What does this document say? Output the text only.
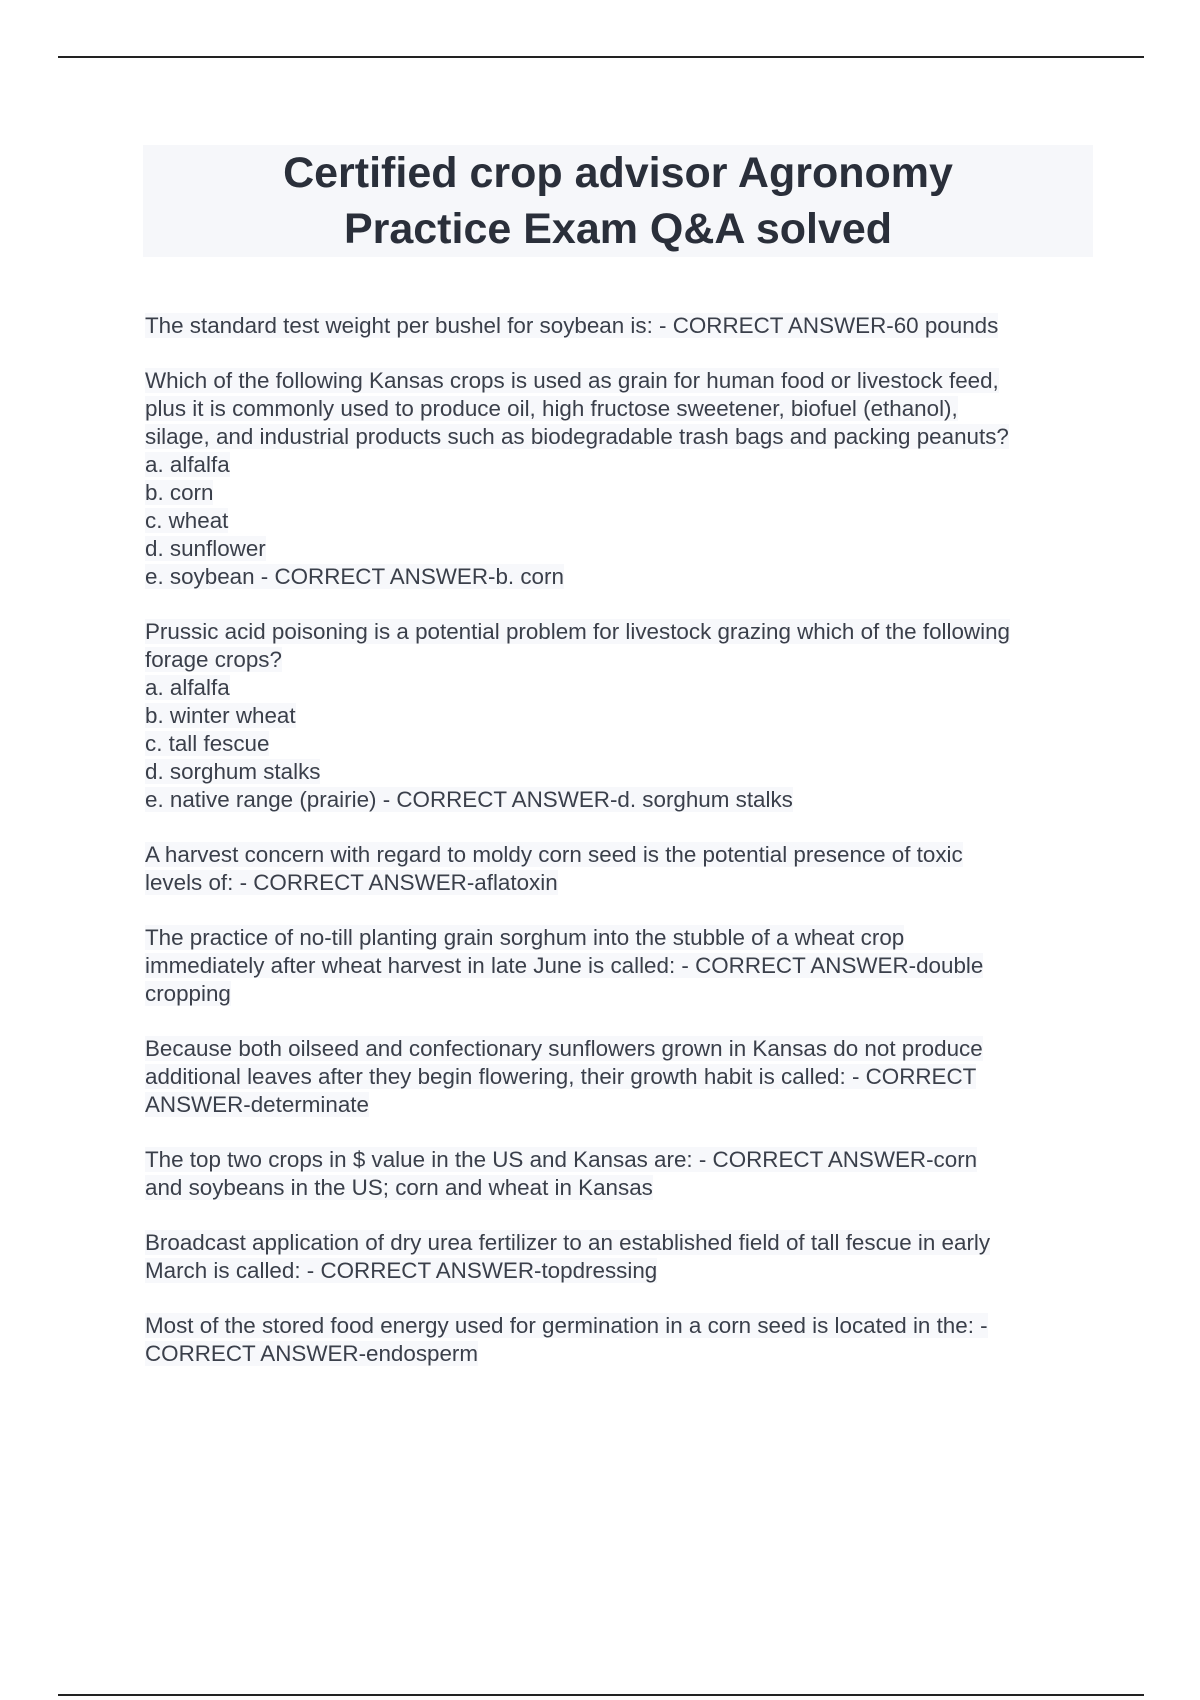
Certified crop advisor Agronomy
Practice Exam Q&A solved

The standard test weight per bushel for soybean is: - CORRECT ANSWER-60 pounds

Which of the following Kansas crops is used as grain for human food or livestock feed,
plus it is commonly used to produce oil, high fructose sweetener, biofuel (ethanol),
silage, and industrial products such as biodegradable trash bags and packing peanuts?
a. alfalfa
b. corn
c. wheat
d. sunflower
e. soybean - CORRECT ANSWER-b. corn

Prussic acid poisoning is a potential problem for livestock grazing which of the following
forage crops?
a. alfalfa
b. winter wheat
c. tall fescue
d. sorghum stalks
e. native range (prairie) - CORRECT ANSWER-d. sorghum stalks

A harvest concern with regard to moldy corn seed is the potential presence of toxic
levels of: - CORRECT ANSWER-aflatoxin

The practice of no-till planting grain sorghum into the stubble of a wheat crop
immediately after wheat harvest in late June is called: - CORRECT ANSWER-double
cropping

Because both oilseed and confectionary sunflowers grown in Kansas do not produce
additional leaves after they begin flowering, their growth habit is called: - CORRECT
ANSWER-determinate

The top two crops in $ value in the US and Kansas are: - CORRECT ANSWER-corn
and soybeans in the US; corn and wheat in Kansas

Broadcast application of dry urea fertilizer to an established field of tall fescue in early
March is called: - CORRECT ANSWER-topdressing

Most of the stored food energy used for germination in a corn seed is located in the: -
CORRECT ANSWER-endosperm
